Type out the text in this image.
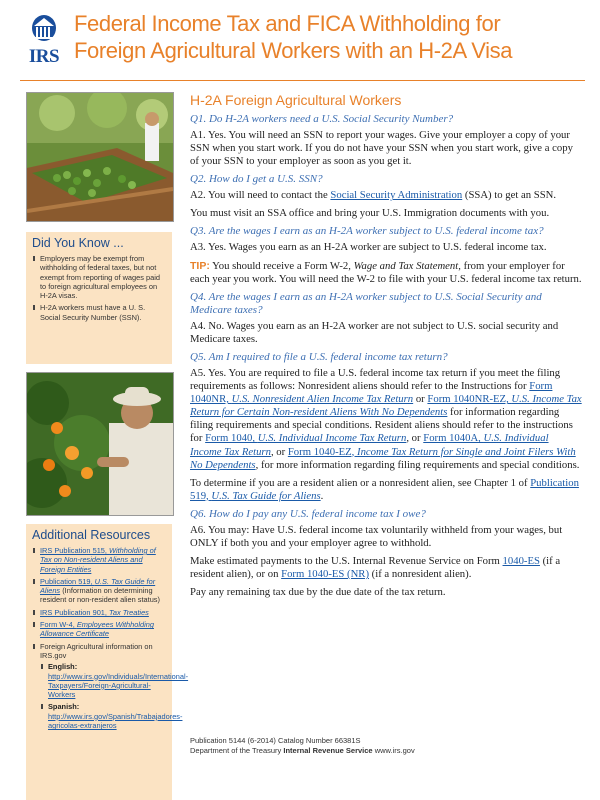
IRS
Federal Income Tax and FICA Withholding for
Foreign Agricultural Workers with an H-2A Visa
Did You Know ...
Employers may be exempt from withholding of federal taxes, but not exempt from reporting of wages paid to foreign agricultural employees on H-2A visas.
H-2A workers must have a U. S. Social Security Number (SSN).
Additional Resources
IRS Publication 515, Withholding of Tax on Non-resident Aliens and Foreign Entities
Publication 519, U.S. Tax Guide for Aliens (Information on determining resident or non-resident alien status)
IRS Publication 901, Tax Treaties
Form W-4, Employees Withholding Allowance Certificate
Foreign Agricultural information on IRS.gov
English: http://www.irs.gov/Individuals/International-Taxpayers/Foreign-Agricultural-Workers
Spanish: http://www.irs.gov/Spanish/Trabajadores-agricolas-extranjeros
H-2A Foreign Agricultural Workers

Q1. Do H-2A workers need a U.S. Social Security Number?

A1. Yes. You will need an SSN to report your wages. Give your employer a copy of your SSN when you start work. If you do not have your SSN when you start work, give a copy of your SSN to your employer as soon as you get it.

Q2. How do I get a U.S. SSN?

A2. You will need to contact the Social Security Administration (SSA) to get an SSN.

You must visit an SSA office and bring your U.S. Immigration documents with you.

Q3. Are the wages I earn as an H-2A worker subject to U.S. federal income tax?

A3. Yes. Wages you earn as an H-2A worker are subject to U.S. federal income tax.

TIP: You should receive a Form W-2, Wage and Tax Statement, from your employer for each year you work. You will need the W-2 to file with your U.S. federal income tax return.

Q4. Are the wages I earn as an H-2A worker subject to U.S. Social Security and Medicare taxes?

A4. No. Wages you earn as an H-2A worker are not subject to U.S. social security and Medicare taxes.

Q5. Am I required to file a U.S. federal income tax return?

A5. Yes. You are required to file a U.S. federal income tax return if you meet the filing requirements as follows: Nonresident aliens should refer to the Instructions for Form 1040NR, U.S. Nonresident Alien Income Tax Return or Form 1040NR-EZ, U.S. Income Tax Return for Certain Non-resident Aliens With No Dependents for information regarding filing requirements and special conditions. Resident aliens should refer to the instructions for Form 1040, U.S. Individual Income Tax Return, or Form 1040A, U.S. Individual Income Tax Return, or Form 1040-EZ, Income Tax Return for Single and Joint Filers With No Dependents, for more information regarding filing requirements and special conditions.

To determine if you are a resident alien or a nonresident alien, see Chapter 1 of Publication 519, U.S. Tax Guide for Aliens.

Q6. How do I pay any U.S. federal income tax I owe?

A6. You may: Have U.S. federal income tax voluntarily withheld from your wages, but ONLY if both you and your employer agree to withhold.

Make estimated payments to the U.S. Internal Revenue Service on Form 1040-ES (if a resident alien), or on Form 1040-ES (NR) (if a nonresident alien).

Pay any remaining tax due by the due date of the tax return.

Publication 5144 (6-2014) Catalog Number 66381S
Department of the Treasury Internal Revenue Service www.irs.gov
